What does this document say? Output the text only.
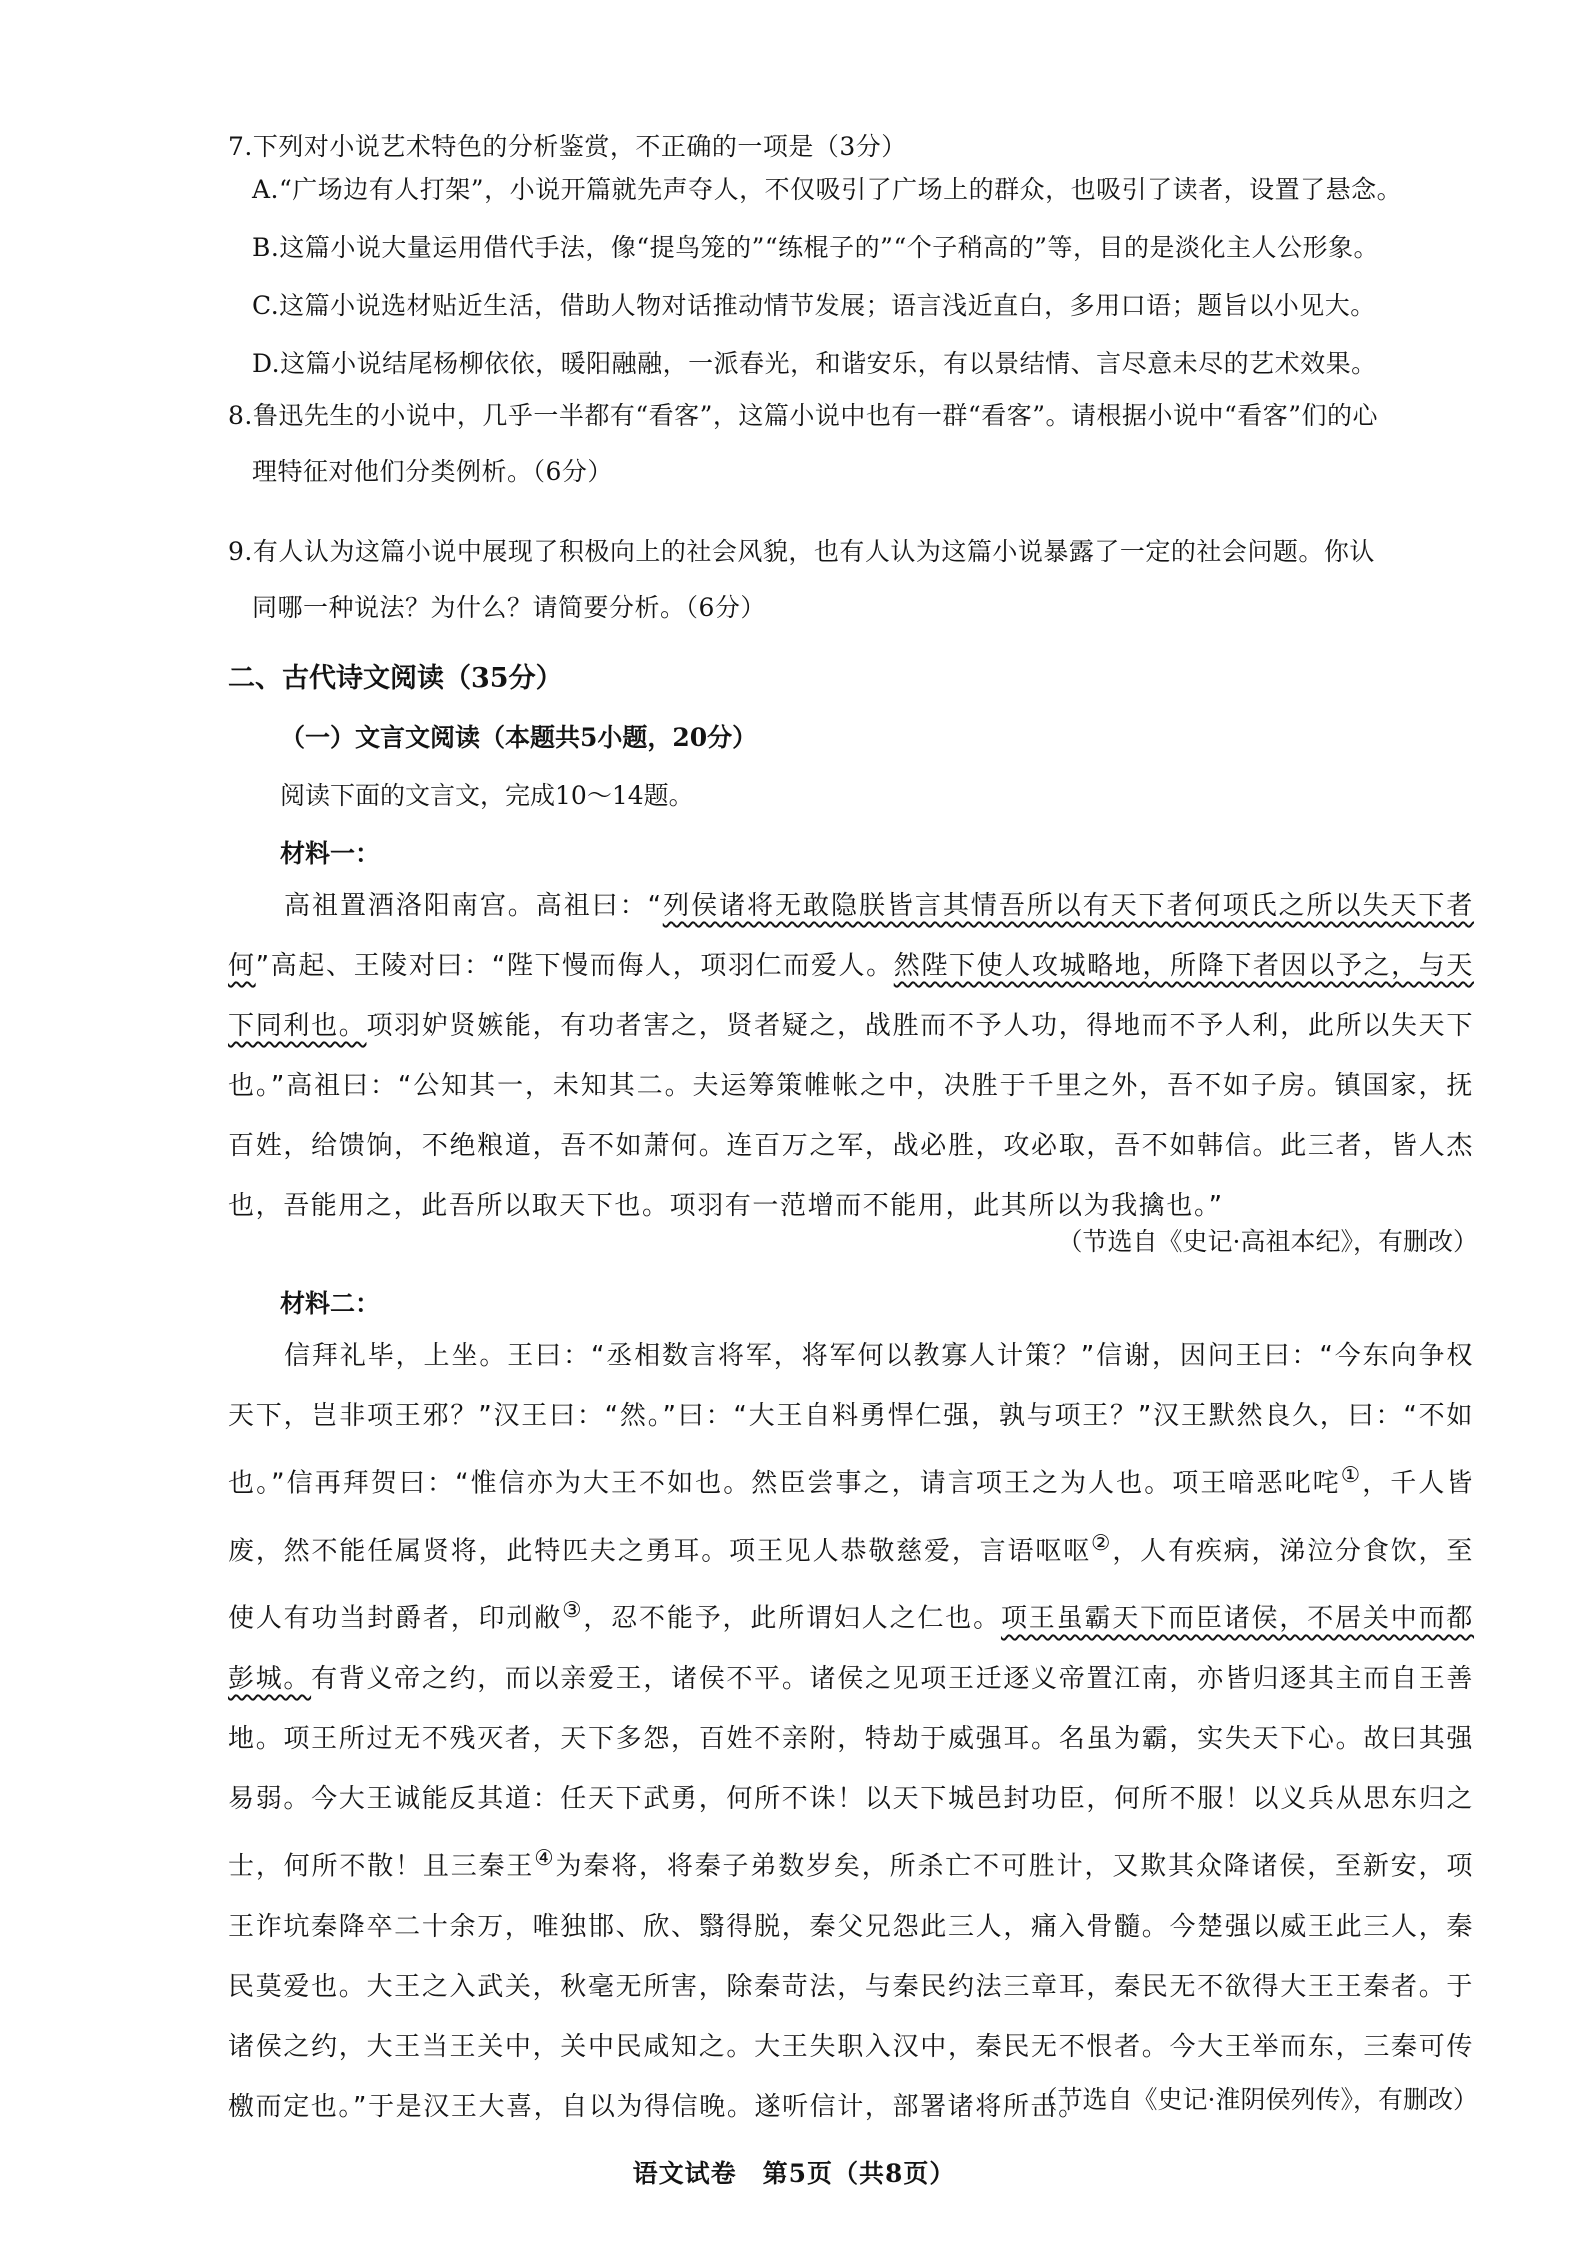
7.下列对小说艺术特色的分析鉴赏，不正确的一项是（3分）
A.“广场边有人打架”，小说开篇就先声夺人，不仅吸引了广场上的群众，也吸引了读者，设置了悬念。
B.这篇小说大量运用借代手法，像“提鸟笼的”“练棍子的”“个子稍高的”等，目的是淡化主人公形象。
C.这篇小说选材贴近生活，借助人物对话推动情节发展；语言浅近直白，多用口语；题旨以小见大。
D.这篇小说结尾杨柳依依，暖阳融融，一派春光，和谐安乐，有以景结情、言尽意未尽的艺术效果。
8.鲁迅先生的小说中，几乎一半都有“看客”，这篇小说中也有一群“看客”。请根据小说中“看客”们的心
理特征对他们分类例析。（6分）
9.有人认为这篇小说中展现了积极向上的社会风貌，也有人认为这篇小说暴露了一定的社会问题。你认
同哪一种说法？为什么？请简要分析。（6分）
二、古代诗文阅读（35分）
（一）文言文阅读（本题共5小题，20分）
阅读下面的文言文，完成10～14题。
材料一：
高祖置酒洛阳南宫。高祖曰：“列侯诸将无敢隐朕皆言其情吾所以有天下者何项氏之所以失天下者何”高起、王陵对曰：“陛下慢而侮人，项羽仁而爱人。然陛下使人攻城略地，所降下者因以予之，与天下同利也。项羽妒贤嫉能，有功者害之，贤者疑之，战胜而不予人功，得地而不予人利，此所以失天下也。”高祖曰：“公知其一，未知其二。夫运筹策帷帐之中，决胜于千里之外，吾不如子房。镇国家，抚百姓，给馈饷，不绝粮道，吾不如萧何。连百万之军，战必胜，攻必取，吾不如韩信。此三者，皆人杰也，吾能用之，此吾所以取天下也。项羽有一范增而不能用，此其所以为我擒也。”
（节选自《史记·高祖本纪》，有删改）
材料二：
信拜礼毕，上坐。王曰：“丞相数言将军，将军何以教寡人计策？”信谢，因问王曰：“今东向争权天下，岂非项王邪？”汉王曰：“然。”曰：“大王自料勇悍仁强，孰与项王？”汉王默然良久，曰：“不如也。”信再拜贺曰：“惟信亦为大王不如也。然臣尝事之，请言项王之为人也。项王喑恶叱咤①，千人皆废，然不能任属贤将，此特匹夫之勇耳。项王见人恭敬慈爱，言语呕呕②，人有疾病，涕泣分食饮，至使人有功当封爵者，印刓敝③，忍不能予，此所谓妇人之仁也。项王虽霸天下而臣诸侯，不居关中而都彭城。有背义帝之约，而以亲爱王，诸侯不平。诸侯之见项王迁逐义帝置江南，亦皆归逐其主而自王善地。项王所过无不残灭者，天下多怨，百姓不亲附，特劫于威强耳。名虽为霸，实失天下心。故曰其强易弱。今大王诚能反其道：任天下武勇，何所不诛！以天下城邑封功臣，何所不服！以义兵从思东归之士，何所不散！且三秦王④为秦将，将秦子弟数岁矣，所杀亡不可胜计，又欺其众降诸侯，至新安，项王诈坑秦降卒二十余万，唯独邯、欣、翳得脱，秦父兄怨此三人，痛入骨髓。今楚强以威王此三人，秦民莫爱也。大王之入武关，秋毫无所害，除秦苛法，与秦民约法三章耳，秦民无不欲得大王王秦者。于诸侯之约，大王当王关中，关中民咸知之。大王失职入汉中，秦民无不恨者。今大王举而东，三秦可传檄而定也。”于是汉王大喜，自以为得信晚。遂听信计，部署诸将所击。
（节选自《史记·淮阴侯列传》，有删改）
语文试卷　第5页（共8页）
